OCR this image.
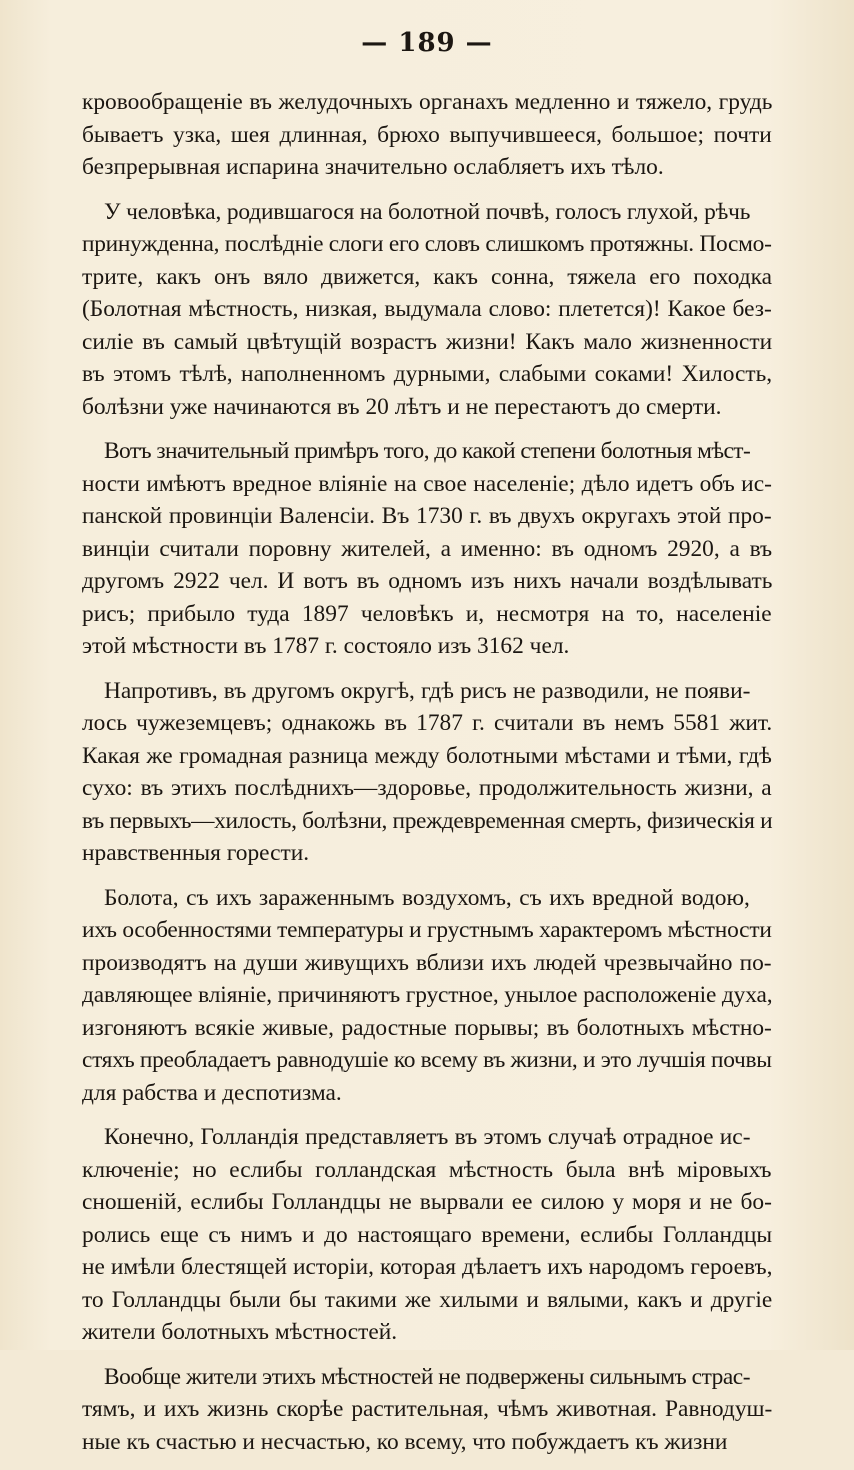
— 189 —
кровообращеніе въ желудочныхъ органахъ медленно и тяжело, грудь
бываетъ узка, шея длинная, брюхо выпучившееся, большое; почти
безпрерывная испарина значительно ослабляетъ ихъ тѣло.
У человѣка, родившагося на болотной почвѣ, голосъ глухой, рѣчь
принужденна, послѣдніе слоги его словъ слишкомъ протяжны. Посмо-
трите, какъ онъ вяло движется, какъ сонна, тяжела его походка
(Болотная мѣстность, низкая, выдумала слово: плетется)! Какое без-
силіе въ самый цвѣтущій возрастъ жизни! Какъ мало жизненности
въ этомъ тѣлѣ, наполненномъ дурными, слабыми соками! Хилость,
болѣзни уже начинаются въ 20 лѣтъ и не перестаютъ до смерти.
Вотъ значительный примѣръ того, до какой степени болотныя мѣст-
ности имѣютъ вредное вліяніе на свое населеніе; дѣло идетъ объ ис-
панской провинціи Валенсіи. Въ 1730 г. въ двухъ округахъ этой про-
винціи считали поровну жителей, а именно: въ одномъ 2920, а въ
другомъ 2922 чел. И вотъ въ одномъ изъ нихъ начали воздѣлывать
рисъ; прибыло туда 1897 человѣкъ и, несмотря на то, населеніе
этой мѣстности въ 1787 г. состояло изъ 3162 чел.
Напротивъ, въ другомъ округѣ, гдѣ рисъ не разводили, не появи-
лось чужеземцевъ; однакожь въ 1787 г. считали въ немъ 5581 жит.
Какая же громадная разница между болотными мѣстами и тѣми, гдѣ
сухо: въ этихъ послѣднихъ—здоровье, продолжительность жизни, а
въ первыхъ—хилость, болѣзни, преждевременная смерть, физическія и
нравственныя горести.
Болота, съ ихъ зараженнымъ воздухомъ, съ ихъ вредной водою,
ихъ особенностями температуры и грустнымъ характеромъ мѣстности
производятъ на души живущихъ вблизи ихъ людей чрезвычайно по-
давляющее вліяніе, причиняютъ грустное, унылое расположеніе духа,
изгоняютъ всякіе живые, радостные порывы; въ болотныхъ мѣстно-
стяхъ преобладаетъ равнодушіе ко всему въ жизни, и это лучшія почвы
для рабства и деспотизма.
Конечно, Голландія представляетъ въ этомъ случаѣ отрадное ис-
ключеніе; но еслибы голландская мѣстность была внѣ міровыхъ
сношеній, еслибы Голландцы не вырвали ее силою у моря и не бо-
ролись еще съ нимъ и до настоящаго времени, еслибы Голландцы
не имѣли блестящей исторіи, которая дѣлаетъ ихъ народомъ героевъ,
то Голландцы были бы такими же хилыми и вялыми, какъ и другіе
жители болотныхъ мѣстностей.
Вообще жители этихъ мѣстностей не подвержены сильнымъ страс-
тямъ, и ихъ жизнь скорѣе растительная, чѣмъ животная. Равнодуш-
ные къ счастью и несчастью, ко всему, что побуждаетъ къ жизни
